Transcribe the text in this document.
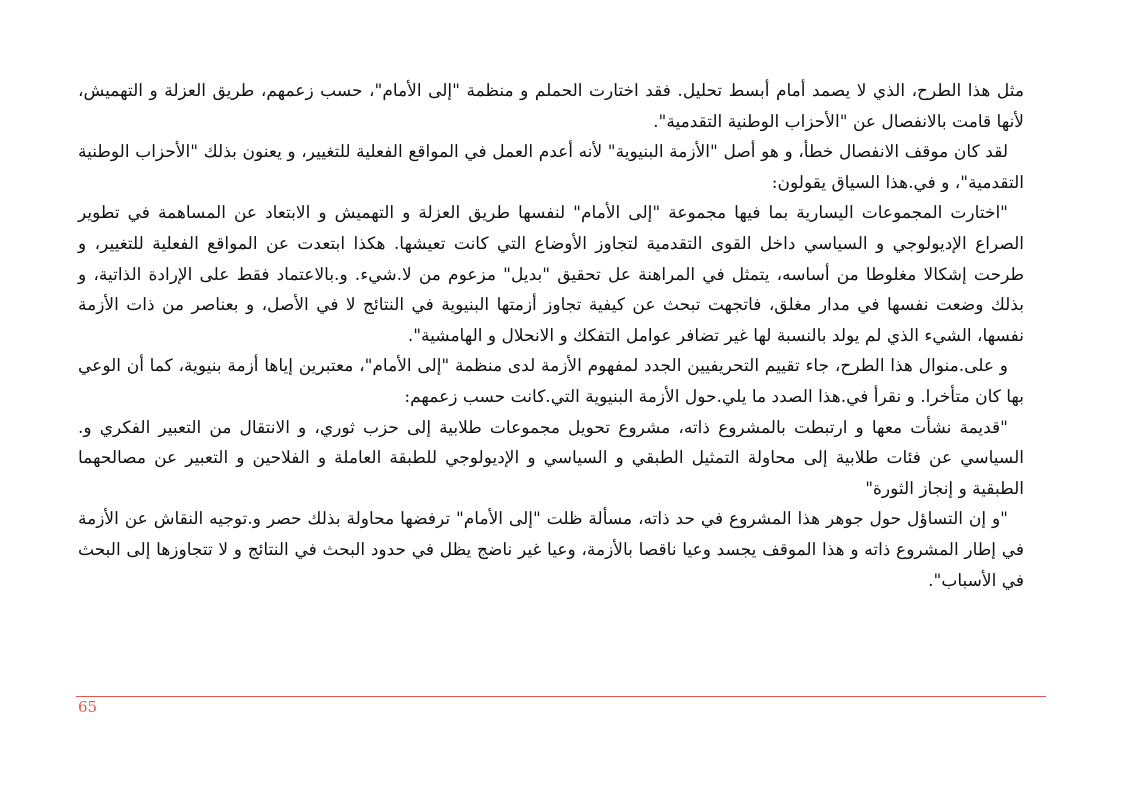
مثل هذا الطرح، الذي لا يصمد أمام أبسط تحليل. فقد اختارت الحملم و منظمة "إلى الأمام"، حسب زعمهم، طريق العزلة و التهميش، لأنها قامت بالانفصال عن "الأحزاب الوطنية التقدمية".

لقد كان موقف الانفصال خطأ، و هو أصل "الأزمة البنيوية" لأنه أعدم العمل في المواقع الفعلية للتغيير، و يعنون بذلك "الأحزاب الوطنية التقدمية"، و في.هذا السياق يقولون:

"اختارت المجموعات اليسارية بما فيها مجموعة "إلى الأمام" لنفسها طريق العزلة و التهميش و الابتعاد عن المساهمة في تطوير الصراع الإديولوجي و السياسي داخل القوى التقدمية لتجاوز الأوضاع التي كانت تعيشها. هكذا ابتعدت عن المواقع الفعلية للتغيير، و طرحت إشكالا مغلوطا من أساسه، يتمثل في المراهنة عل تحقيق "بديل" مزعوم من لا.شيء. و.بالاعتماد فقط على الإرادة الذاتية، و بذلك وضعت نفسها في مدار مغلق، فاتجهت تبحث عن كيفية تجاوز أزمتها البنيوية في النتائج لا في الأصل، و بعناصر من ذات الأزمة نفسها، الشيء الذي لم يولد بالنسبة لها غير تضافر عوامل التفكك و الانحلال و الهامشية".

و على.منوال هذا الطرح، جاء تقييم التحريفيين الجدد لمفهوم الأزمة لدى منظمة "إلى الأمام"، معتبرين إياها أزمة بنيوية، كما أن الوعي بها كان متأخرا. و نقرأ في.هذا الصدد ما يلي.حول الأزمة البنيوية التي.كانت حسب زعمهم:

"قديمة نشأت معها و ارتبطت بالمشروع ذاته، مشروع تحويل مجموعات طلابية إلى حزب ثوري، و الانتقال من التعبير الفكري و. السياسي عن فئات طلابية إلى محاولة التمثيل الطبقي و السياسي و الإديولوجي للطبقة العاملة و الفلاحين و التعبير عن مصالحهما الطبقية و إنجاز الثورة"

"و إن التساؤل حول جوهر هذا المشروع في حد ذاته، مسألة ظلت "إلى الأمام" ترفضها محاولة بذلك حصر و.توجيه النقاش عن الأزمة في إطار المشروع ذاته و هذا الموقف يجسد وعيا ناقصا بالأزمة، وعيا غير ناضج يظل في حدود البحث في النتائج و لا تتجاوزها إلى البحث في الأسباب".

65
